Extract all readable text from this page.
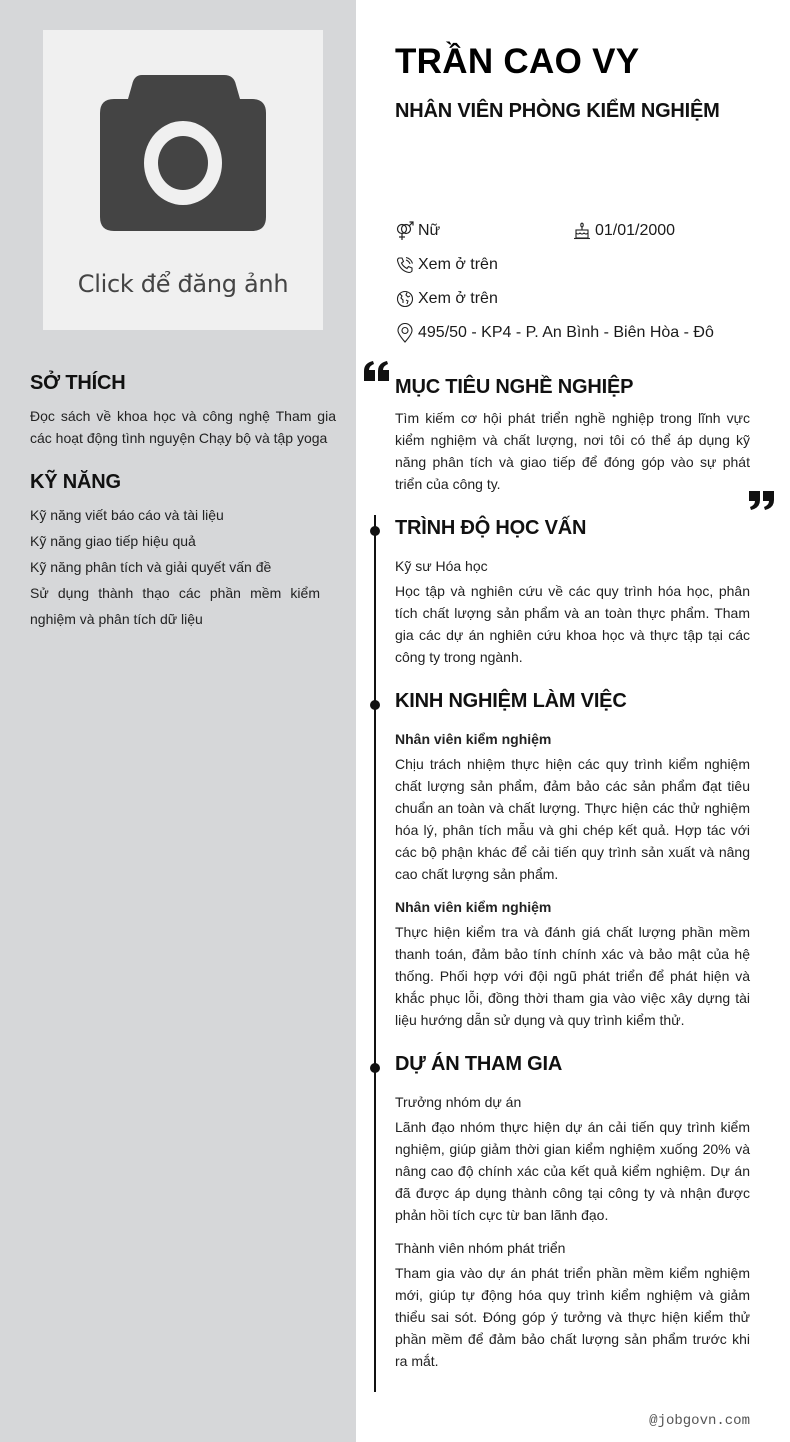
Click để đăng ảnh
SỞ THÍCH
Đọc sách về khoa học và công nghệ Tham gia các hoạt động tình nguyện Chạy bộ và tập yoga
KỸ NĂNG
Kỹ năng viết báo cáo và tài liệu
Kỹ năng giao tiếp hiệu quả
Kỹ năng phân tích và giải quyết vấn đề
Sử dụng thành thạo các phần mềm kiểm nghiệm và phân tích dữ liệu
TRẦN CAO VY
NHÂN VIÊN PHÒNG KIỂM NGHIỆM
Nữ	01/01/2000
Xem ở trên
Xem ở trên
495/50 - KP4 - P. An Bình - Biên Hòa - Đô
MỤC TIÊU NGHỀ NGHIỆP
Tìm kiếm cơ hội phát triển nghề nghiệp trong lĩnh vực kiểm nghiệm và chất lượng, nơi tôi có thể áp dụng kỹ năng phân tích và giao tiếp để đóng góp vào sự phát triển của công ty.
TRÌNH ĐỘ HỌC VẤN
Kỹ sư Hóa học
Học tập và nghiên cứu về các quy trình hóa học, phân tích chất lượng sản phẩm và an toàn thực phẩm. Tham gia các dự án nghiên cứu khoa học và thực tập tại các công ty trong ngành.
KINH NGHIỆM LÀM VIỆC
Nhân viên kiểm nghiệm
Chịu trách nhiệm thực hiện các quy trình kiểm nghiệm chất lượng sản phẩm, đảm bảo các sản phẩm đạt tiêu chuẩn an toàn và chất lượng. Thực hiện các thử nghiệm hóa lý, phân tích mẫu và ghi chép kết quả. Hợp tác với các bộ phận khác để cải tiến quy trình sản xuất và nâng cao chất lượng sản phẩm.
Nhân viên kiểm nghiệm
Thực hiện kiểm tra và đánh giá chất lượng phần mềm thanh toán, đảm bảo tính chính xác và bảo mật của hệ thống. Phối hợp với đội ngũ phát triển để phát hiện và khắc phục lỗi, đồng thời tham gia vào việc xây dựng tài liệu hướng dẫn sử dụng và quy trình kiểm thử.
DỰ ÁN THAM GIA
Trưởng nhóm dự án
Lãnh đạo nhóm thực hiện dự án cải tiến quy trình kiểm nghiệm, giúp giảm thời gian kiểm nghiệm xuống 20% và nâng cao độ chính xác của kết quả kiểm nghiệm. Dự án đã được áp dụng thành công tại công ty và nhận được phản hồi tích cực từ ban lãnh đạo.
Thành viên nhóm phát triển
Tham gia vào dự án phát triển phần mềm kiểm nghiệm mới, giúp tự động hóa quy trình kiểm nghiệm và giảm thiểu sai sót. Đóng góp ý tưởng và thực hiện kiểm thử phần mềm để đảm bảo chất lượng sản phẩm trước khi ra mắt.
@jobgovn.com
